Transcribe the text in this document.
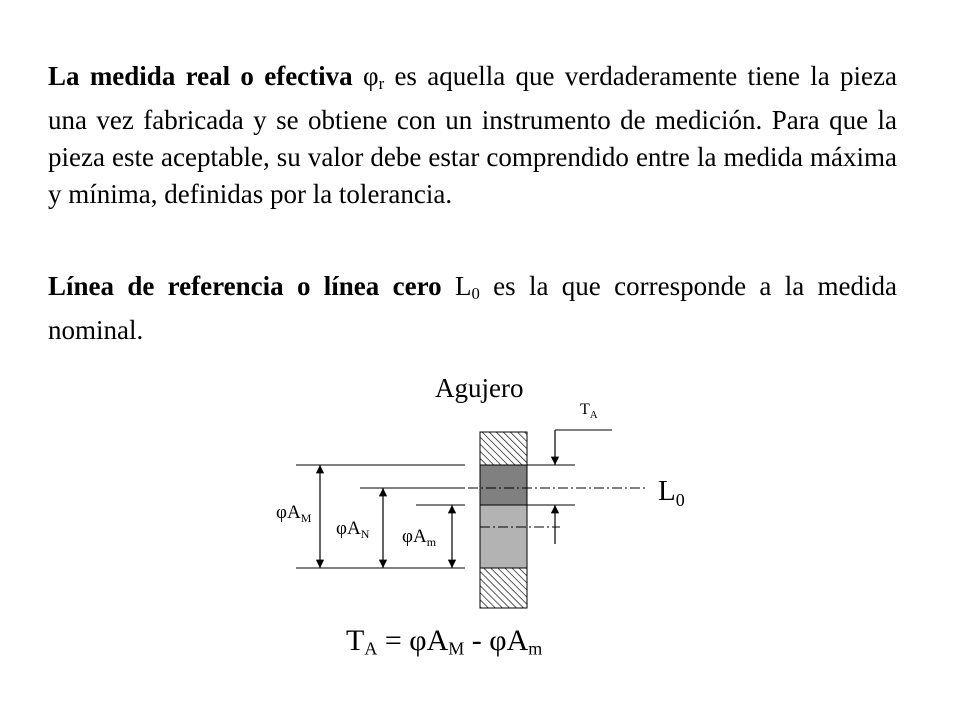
La medida real o efectiva $\varphi_r$ es aquella que verdaderamente tiene la pieza una vez fabricada y se obtiene con un instrumento de medición. Para que la pieza este aceptable, su valor debe estar comprendido entre la medida máxima y mínima, definidas por la tolerancia.

Línea de referencia o línea cero $L_0$ es la que corresponde a la medida nominal.

Agujero
$T_A$
$L_0$
$\varphi A_M$ $\varphi A_N$ $\varphi A_m$
$T_A = \varphi A_M - \varphi A_m$
